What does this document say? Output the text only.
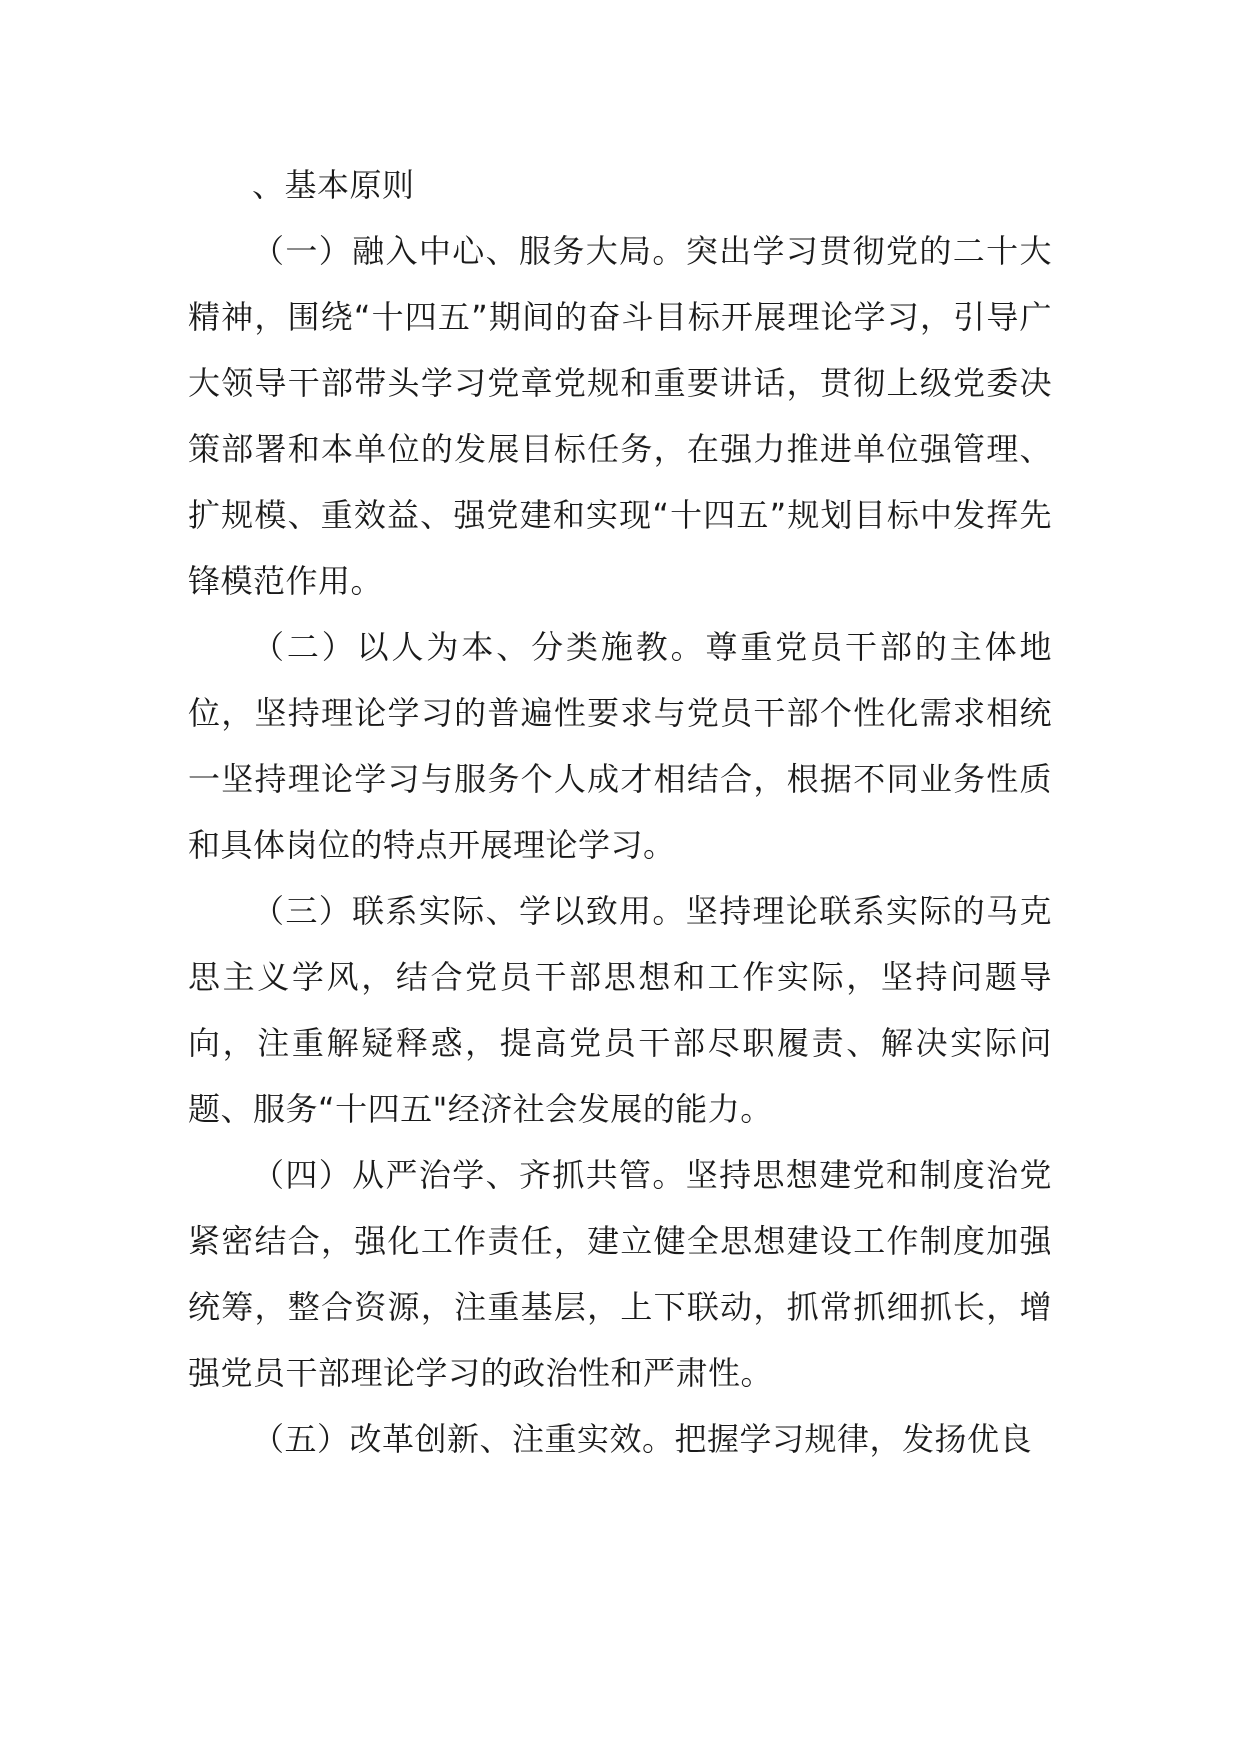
、基本原则

（一）融入中心、服务大局。突出学习贯彻党的二十大精神，围绕“十四五”期间的奋斗目标开展理论学习，引导广大领导干部带头学习党章党规和重要讲话，贯彻上级党委决策部署和本单位的发展目标任务，在强力推进单位强管理、扩规模、重效益、强党建和实现“十四五”规划目标中发挥先锋模范作用。

（二）以人为本、分类施教。尊重党员干部的主体地位，坚持理论学习的普遍性要求与党员干部个性化需求相统一坚持理论学习与服务个人成才相结合，根据不同业务性质和具体岗位的特点开展理论学习。

（三）联系实际、学以致用。坚持理论联系实际的马克思主义学风，结合党员干部思想和工作实际，坚持问题导向，注重解疑释惑，提高党员干部尽职履责、解决实际问题、服务“十四五"经济社会发展的能力。

（四）从严治学、齐抓共管。坚持思想建党和制度治党紧密结合，强化工作责任，建立健全思想建设工作制度加强统筹，整合资源，注重基层，上下联动，抓常抓细抓长，增强党员干部理论学习的政治性和严肃性。

（五）改革创新、注重实效。把握学习规律，发扬优良
